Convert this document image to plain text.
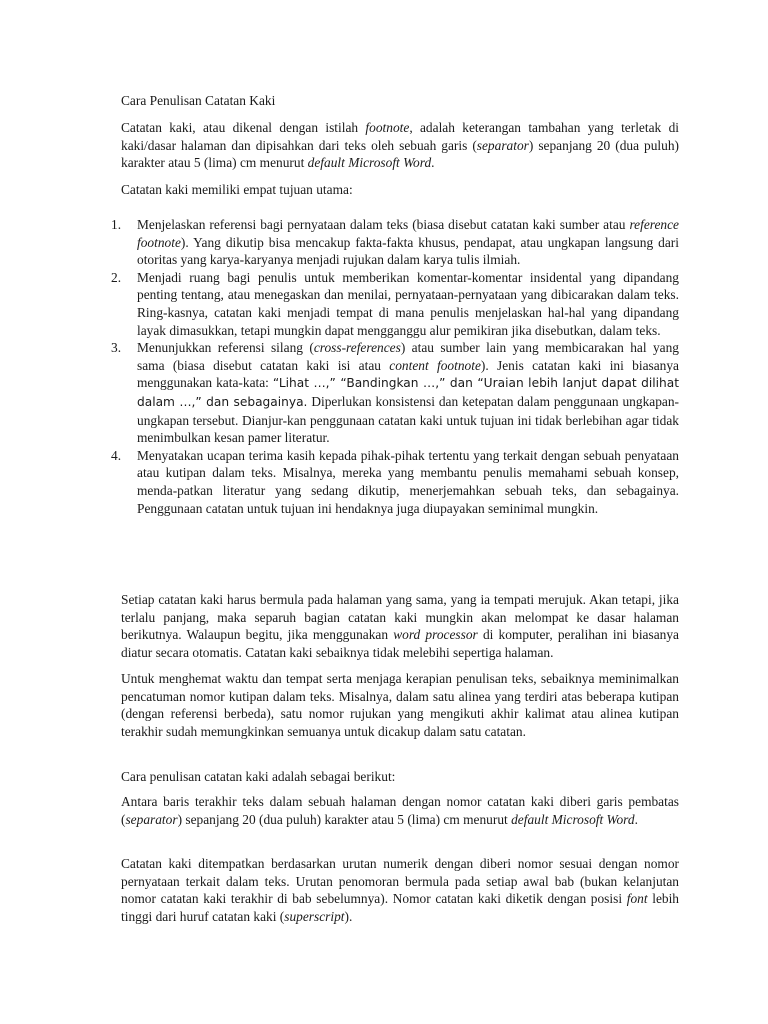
Cara Penulisan Catatan Kaki

Catatan kaki, atau dikenal dengan istilah footnote, adalah keterangan tambahan yang terletak di kaki/dasar halaman dan dipisahkan dari teks oleh sebuah garis (separator) sepanjang 20 (dua puluh) karakter atau 5 (lima) cm menurut default Microsoft Word.

Catatan kaki memiliki empat tujuan utama:

1. Menjelaskan referensi bagi pernyataan dalam teks (biasa disebut catatan kaki sumber atau reference footnote). Yang dikutip bisa mencakup fakta-fakta khusus, pendapat, atau ungkapan langsung dari otoritas yang karya-karyanya menjadi rujukan dalam karya tulis ilmiah.
2. Menjadi ruang bagi penulis untuk memberikan komentar-komentar insidental yang dipandang penting tentang, atau menegaskan dan menilai, pernyataan-pernyataan yang dibicarakan dalam teks. Ring-kasnya, catatan kaki menjadi tempat di mana penulis menjelaskan hal-hal yang dipandang layak dimasukkan, tetapi mungkin dapat mengganggu alur pemikiran jika disebutkan, dalam teks.
3. Menunjukkan referensi silang (cross-references) atau sumber lain yang membicarakan hal yang sama (biasa disebut catatan kaki isi atau content footnote). Jenis catatan kaki ini biasanya menggunakan kata-kata: “Lihat …,” “Bandingkan …,” dan “Uraian lebih lanjut dapat dilihat dalam …,” dan sebagainya. Diperlukan konsistensi dan ketepatan dalam penggunaan ungkapan-ungkapan tersebut. Dianjur-kan penggunaan catatan kaki untuk tujuan ini tidak berlebihan agar tidak menimbulkan kesan pamer literatur.
4. Menyatakan ucapan terima kasih kepada pihak-pihak tertentu yang terkait dengan sebuah penyataan atau kutipan dalam teks. Misalnya, mereka yang membantu penulis memahami sebuah konsep, menda-patkan literatur yang sedang dikutip, menerjemahkan sebuah teks, dan sebagainya. Penggunaan catatan untuk tujuan ini hendaknya juga diupayakan seminimal mungkin.

Setiap catatan kaki harus bermula pada halaman yang sama, yang ia tempati merujuk. Akan tetapi, jika terlalu panjang, maka separuh bagian catatan kaki mungkin akan melompat ke dasar halaman berikutnya. Walaupun begitu, jika menggunakan word processor di komputer, peralihan ini biasanya diatur secara otomatis. Catatan kaki sebaiknya tidak melebihi sepertiga halaman.

Untuk menghemat waktu dan tempat serta menjaga kerapian penulisan teks, sebaiknya meminimalkan pencatuman nomor kutipan dalam teks. Misalnya, dalam satu alinea yang terdiri atas beberapa kutipan (dengan referensi berbeda), satu nomor rujukan yang mengikuti akhir kalimat atau alinea kutipan terakhir sudah memungkinkan semuanya untuk dicakup dalam satu catatan.

Cara penulisan catatan kaki adalah sebagai berikut:

Antara baris terakhir teks dalam sebuah halaman dengan nomor catatan kaki diberi garis pembatas (separator) sepanjang 20 (dua puluh) karakter atau 5 (lima) cm menurut default Microsoft Word.

Catatan kaki ditempatkan berdasarkan urutan numerik dengan diberi nomor sesuai dengan nomor pernyataan terkait dalam teks. Urutan penomoran bermula pada setiap awal bab (bukan kelanjutan nomor catatan kaki terakhir di bab sebelumnya). Nomor catatan kaki diketik dengan posisi font lebih tinggi dari huruf catatan kaki (superscript).
